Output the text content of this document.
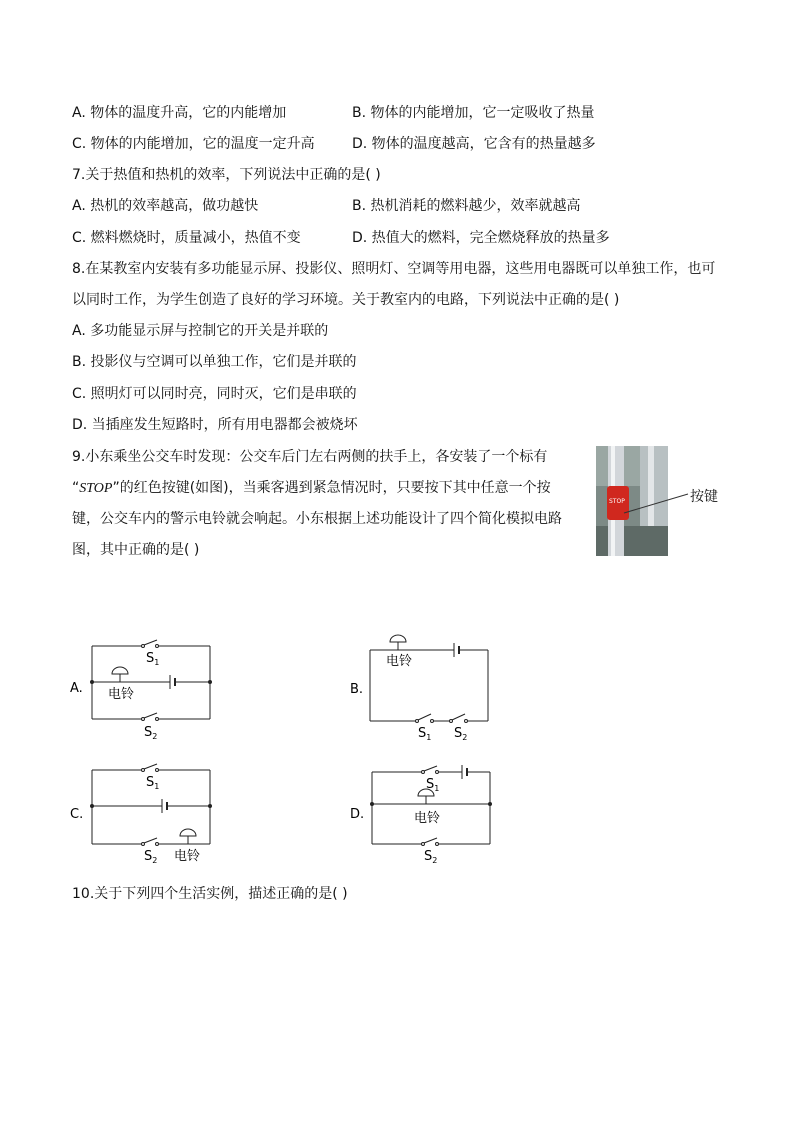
A. 物体的温度升高，它的内能增加	B. 物体的内能增加，它一定吸收了热量
C. 物体的内能增加，它的温度一定升高	D. 物体的温度越高，它含有的热量越多
7.关于热值和热机的效率，下列说法中正确的是( )
A. 热机的效率越高，做功越快	B. 热机消耗的燃料越少，效率就越高
C. 燃料燃烧时，质量减小，热值不变	D. 热值大的燃料，完全燃烧释放的热量多
8.在某教室内安装有多功能显示屏、投影仪、照明灯、空调等用电器，这些用电器既可以单独工作，也可
以同时工作，为学生创造了良好的学习环境。关于教室内的电路，下列说法中正确的是( )
A. 多功能显示屏与控制它的开关是并联的
B. 投影仪与空调可以单独工作，它们是并联的
C. 照明灯可以同时亮，同时灭，它们是串联的
D. 当插座发生短路时，所有用电器都会被烧坏
9.小东乘坐公交车时发现：公交车后门左右两侧的扶手上，各安装了一个标有
“STOP”的红色按键(如图)，当乘客遇到紧急情况时，只要按下其中任意一个按
键，公交车内的警示电铃就会响起。小东根据上述功能设计了四个简化模拟电路
图，其中正确的是( )
STOP	按键
A. 电铃
$S_1$
$S_2$
B.
电铃
$S_1$ $S_2$
C.
$S_1$
$S_2$ 电铃
D.
$S_1$
电铃
$S_2$
10.关于下列四个生活实例，描述正确的是( )
